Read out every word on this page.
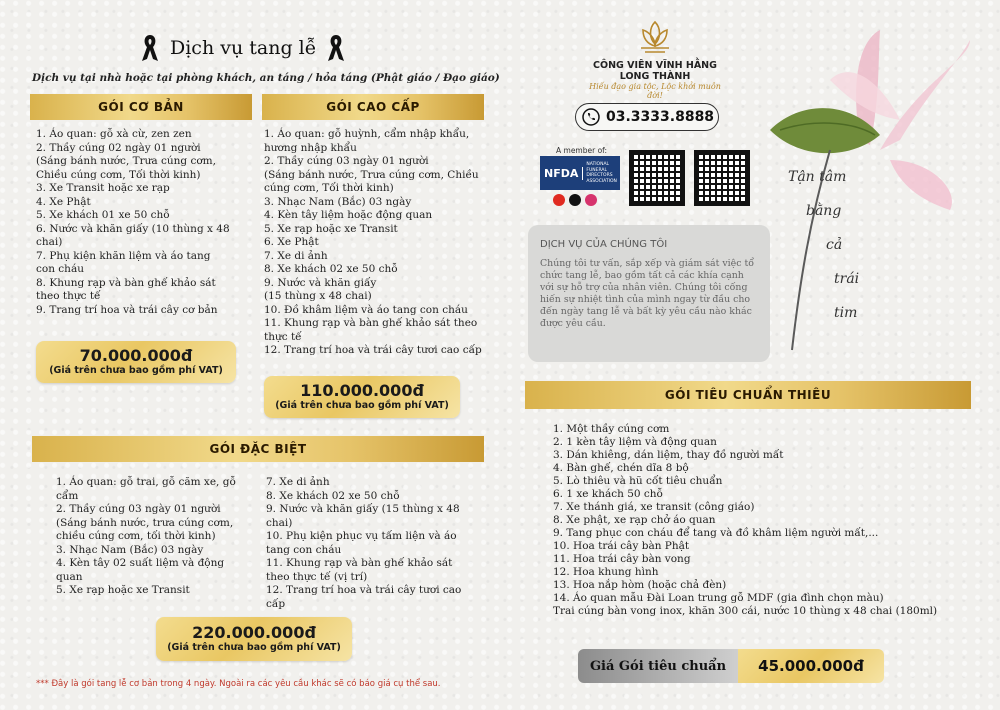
Dịch vụ tang lễ
Dịch vụ tại nhà hoặc tại phòng khách, an táng / hỏa táng (Phật giáo / Đạo giáo)
GÓI CƠ BẢN
1. Áo quan: gỗ xà cừ, zen zen
2. Thầy cúng 02 ngày 01 người
(Sáng bánh nước, Trưa cúng cơm,
Chiều cúng cơm, Tối thời kinh)
3. Xe Transit hoặc xe rạp
4. Xe Phật
5. Xe khách 01 xe 50 chỗ
6. Nước và khăn giấy (10 thùng x 48
chai)
7. Phụ kiện khăn liệm và áo tang
con cháu
8. Khung rạp và bàn ghế khảo sát
theo thực tế
9. Trang trí hoa và trái cây cơ bản
70.000.000đ
(Giá trên chưa bao gồm phí VAT)
GÓI CAO CẤP
1. Áo quan: gỗ huỳnh, cẩm nhập khẩu,
hương nhập khẩu
2. Thầy cúng 03 ngày 01 người
(Sáng bánh nước, Trưa cúng cơm, Chiều
cúng cơm, Tối thời kinh)
3. Nhạc Nam (Bắc) 03 ngày
4. Kèn tây liệm hoặc động quan
5. Xe rạp hoặc xe Transit
6. Xe Phật
7. Xe di ảnh
8. Xe khách 02 xe 50 chỗ
9. Nước và khăn giấy
(15 thùng x 48 chai)
10. Đồ khâm liệm và áo tang con cháu
11. Khung rạp và bàn ghế khảo sát theo
thực tế
12. Trang trí hoa và trái cây tươi cao cấp
110.000.000đ
(Giá trên chưa bao gồm phí VAT)
GÓI ĐẶC BIỆT
1. Áo quan: gỗ trai, gỗ căm xe, gỗ
cẩm
2. Thầy cúng 03 ngày 01 người
(Sáng bánh nước, trưa cúng cơm,
chiều cúng cơm, tối thời kinh)
3. Nhạc Nam (Bắc) 03 ngày
4. Kèn tây 02 suất liệm và động
quan
5. Xe rạp hoặc xe Transit
7. Xe di ảnh
8. Xe khách 02 xe 50 chỗ
9. Nước và khăn giấy (15 thùng x 48
chai)
10. Phụ kiện phục vụ tấm liện và áo
tang con cháu
11. Khung rạp và bàn ghế khảo sát
theo thực tế (vị trí)
12. Trang trí hoa và trái cây tươi cao cấp
220.000.000đ
(Giá trên chưa bao gồm phí VAT)
*** Đây là gói tang lễ cơ bản trong 4 ngày. Ngoài ra các yêu cầu khác sẽ có báo giá cụ thể sau.
CÔNG VIÊN VĨNH HẰNG
LONG THÀNH
Hiếu đạo gia tộc, Lộc khởi muôn đời!
03.3333.8888
A member of:
NFDA
NATIONAL FUNERAL DIRECTORS ASSOCIATION
DỊCH VỤ CỦA CHÚNG TÔI
Chúng tôi tư vấn, sắp xếp và giám sát việc tổ chức tang lễ, bao gồm tất cả các khía cạnh với sự hỗ trợ của nhân viên. Chúng tôi cống hiến sự nhiệt tình của mình ngay từ đầu cho đến ngày tang lễ và bất kỳ yêu cầu nào khác được yêu cầu.
Tận tâm
bằng
cả
trái tim
GÓI TIÊU CHUẨN THIÊU
1. Một thầy cúng cơm
2. 1 kèn tây liệm và động quan
3. Dán khiêng, dán liệm, thay đồ người mất
4. Bàn ghế, chén dĩa 8 bộ
5. Lò thiêu và hũ cốt tiêu chuẩn
6. 1 xe khách 50 chỗ
7. Xe thánh giá, xe transit (công giáo)
8. Xe phật, xe rạp chở áo quan
9. Tang phục con cháu để tang và đồ khâm liệm người mất,...
10. Hoa trái cây bàn Phật
11. Hoa trái cây bàn vong
12. Hoa khung hình
13. Hoa nắp hòm (hoặc chả đèn)
14. Áo quan mẫu Đài Loan trung gỗ MDF (gia đình chọn màu)
Trai cúng bàn vong inox, khăn 300 cái, nước 10 thùng x 48 chai (180ml)
Giá Gói tiêu chuẩn	45.000.000đ
